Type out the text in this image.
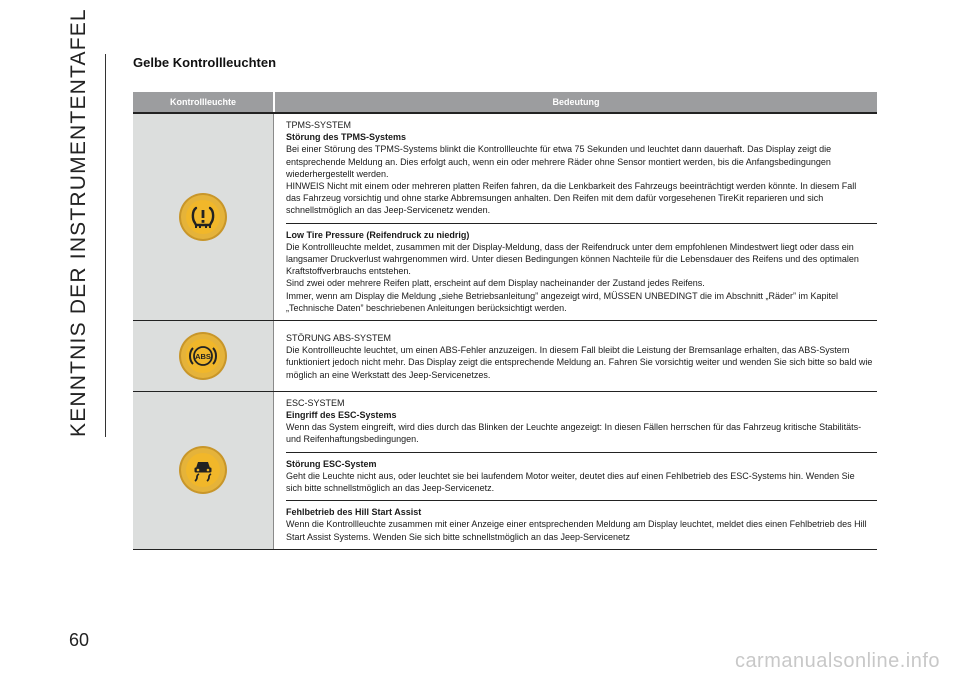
KENNTNIS DER INSTRUMENTENTAFEL
60
Gelbe Kontrollleuchten
Kontrollleuchte	Bedeutung

TPMS-SYSTEM

Störung des TPMS-Systems

Bei einer Störung des TPMS-Systems blinkt die Kontrollleuchte für etwa 75 Sekunden und leuchtet dann dauerhaft. Das Display zeigt die entsprechende Meldung an. Dies erfolgt auch, wenn ein oder mehrere Räder ohne Sensor montiert werden, bis die Anfangsbedingungen wiederhergestellt werden.

HINWEIS Nicht mit einem oder mehreren platten Reifen fahren, da die Lenkbarkeit des Fahrzeugs beeinträchtigt werden könnte. In diesem Fall das Fahrzeug vorsichtig und ohne starke Abbremsungen anhalten. Den Reifen mit dem dafür vorgesehenen TireKit reparieren und sich schnellstmöglich an das Jeep-Servicenetz wenden.

Low Tire Pressure (Reifendruck zu niedrig)

Die Kontrollleuchte meldet, zusammen mit der Display-Meldung, dass der Reifendruck unter dem empfohlenen Mindestwert liegt oder dass ein langsamer Druckverlust wahrgenommen wird. Unter diesen Bedingungen können Nachteile für die Lebensdauer des Reifens und des optimalen Kraftstoffverbrauchs entstehen.

Sind zwei oder mehrere Reifen platt, erscheint auf dem Display nacheinander der Zustand jedes Reifens.

Immer, wenn am Display die Meldung „siehe Betriebsanleitung” angezeigt wird, MÜSSEN UNBEDINGT die im Abschnitt „Räder” im Kapitel „Technische Daten” beschriebenen Anleitungen berücksichtigt werden.

ABS

STÖRUNG ABS-SYSTEM

Die Kontrollleuchte leuchtet, um einen ABS-Fehler anzuzeigen. In diesem Fall bleibt die Leistung der Bremsanlage erhalten, das ABS-System funktioniert jedoch nicht mehr. Das Display zeigt die entsprechende Meldung an. Fahren Sie vorsichtig weiter und wenden Sie sich bitte so bald wie möglich an eine Werkstatt des Jeep-Servicenetzes.

ESC-SYSTEM

Eingriff des ESC-Systems

Wenn das System eingreift, wird dies durch das Blinken der Leuchte angezeigt: In diesen Fällen herrschen für das Fahrzeug kritische Stabilitäts- und Reifenhaftungsbedingungen.

Störung ESC-System

Geht die Leuchte nicht aus, oder leuchtet sie bei laufendem Motor weiter, deutet dies auf einen Fehlbetrieb des ESC-Systems hin. Wenden Sie sich bitte schnellstmöglich an das Jeep-Servicenetz.

Fehlbetrieb des Hill Start Assist

Wenn die Kontrollleuchte zusammen mit einer Anzeige einer entsprechenden Meldung am Display leuchtet, meldet dies einen Fehlbetrieb des Hill Start Assist Systems. Wenden Sie sich bitte schnellstmöglich an das Jeep-Servicenetz

carmanualsonline.info
